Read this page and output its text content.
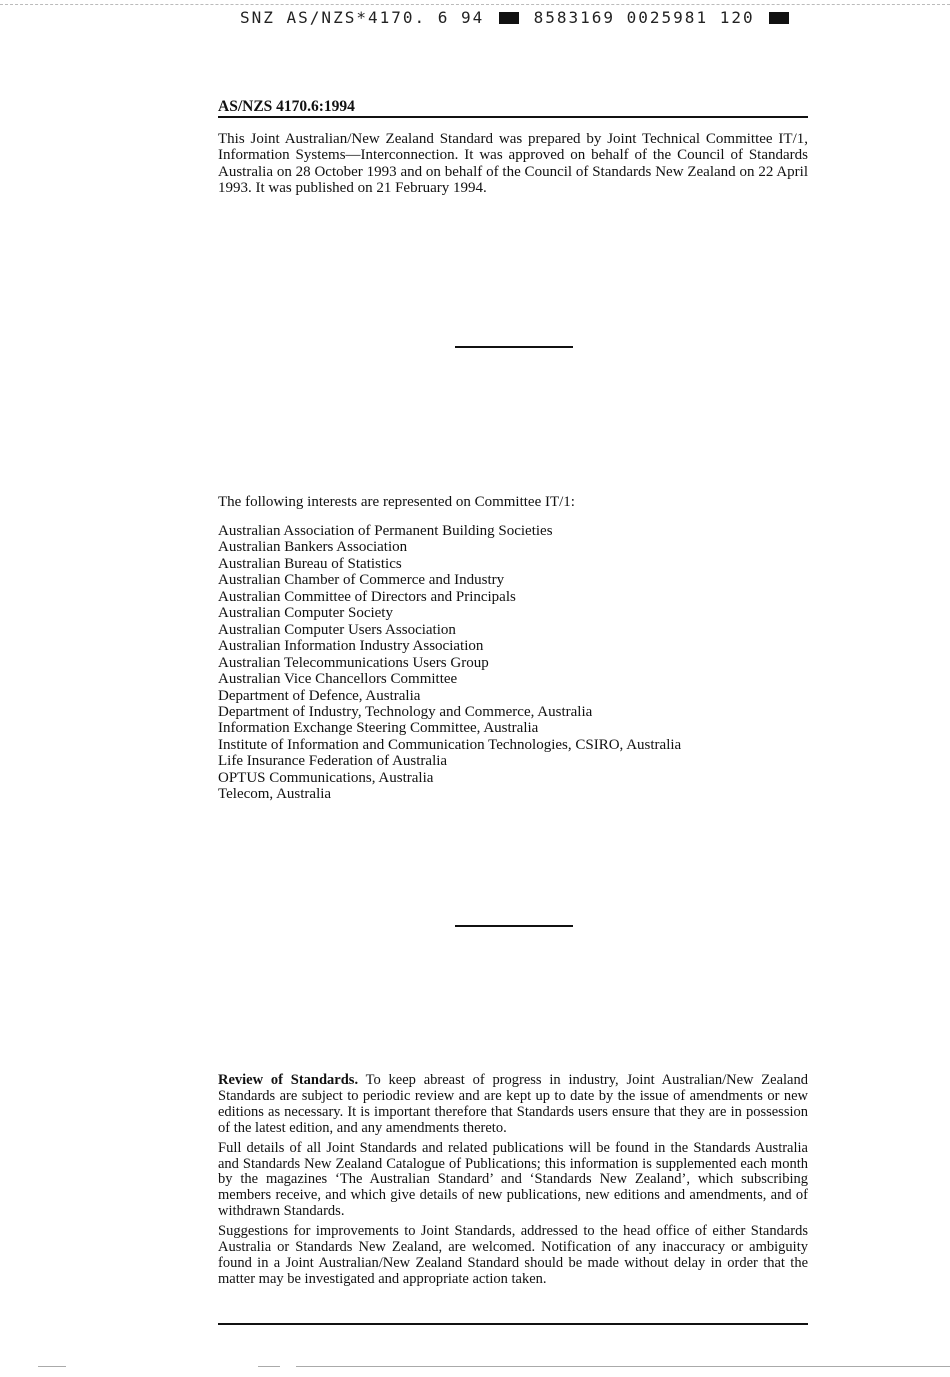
SNZ AS/NZS*4170. 6 94	8583169 0025981 120
AS/NZS 4170.6:1994

This Joint Australian/New Zealand Standard was prepared by Joint Technical Committee IT/1, Information Systems—Interconnection. It was approved on behalf of the Council of Standards Australia on 28 October 1993 and on behalf of the Council of Standards New Zealand on 22 April 1993. It was published on 21 February 1994.

The following interests are represented on Committee IT/1:
Australian Association of Permanent Building Societies
Australian Bankers Association
Australian Bureau of Statistics
Australian Chamber of Commerce and Industry
Australian Committee of Directors and Principals
Australian Computer Society
Australian Computer Users Association
Australian Information Industry Association
Australian Telecommunications Users Group
Australian Vice Chancellors Committee
Department of Defence, Australia
Department of Industry, Technology and Commerce, Australia
Information Exchange Steering Committee, Australia
Institute of Information and Communication Technologies, CSIRO, Australia
Life Insurance Federation of Australia
OPTUS Communications, Australia
Telecom, Australia

Review of Standards. To keep abreast of progress in industry, Joint Australian/New Zealand Standards are subject to periodic review and are kept up to date by the issue of amendments or new editions as necessary. It is important therefore that Standards users ensure that they are in possession of the latest edition, and any amendments thereto.

Full details of all Joint Standards and related publications will be found in the Standards Australia and Standards New Zealand Catalogue of Publications; this information is supplemented each month by the magazines ‘The Australian Standard’ and ‘Standards New Zealand’, which subscribing members receive, and which give details of new publications, new editions and amendments, and of withdrawn Standards.

Suggestions for improvements to Joint Standards, addressed to the head office of either Standards Australia or Standards New Zealand, are welcomed. Notification of any inaccuracy or ambiguity found in a Joint Australian/New Zealand Standard should be made without delay in order that the matter may be investigated and appropriate action taken.
